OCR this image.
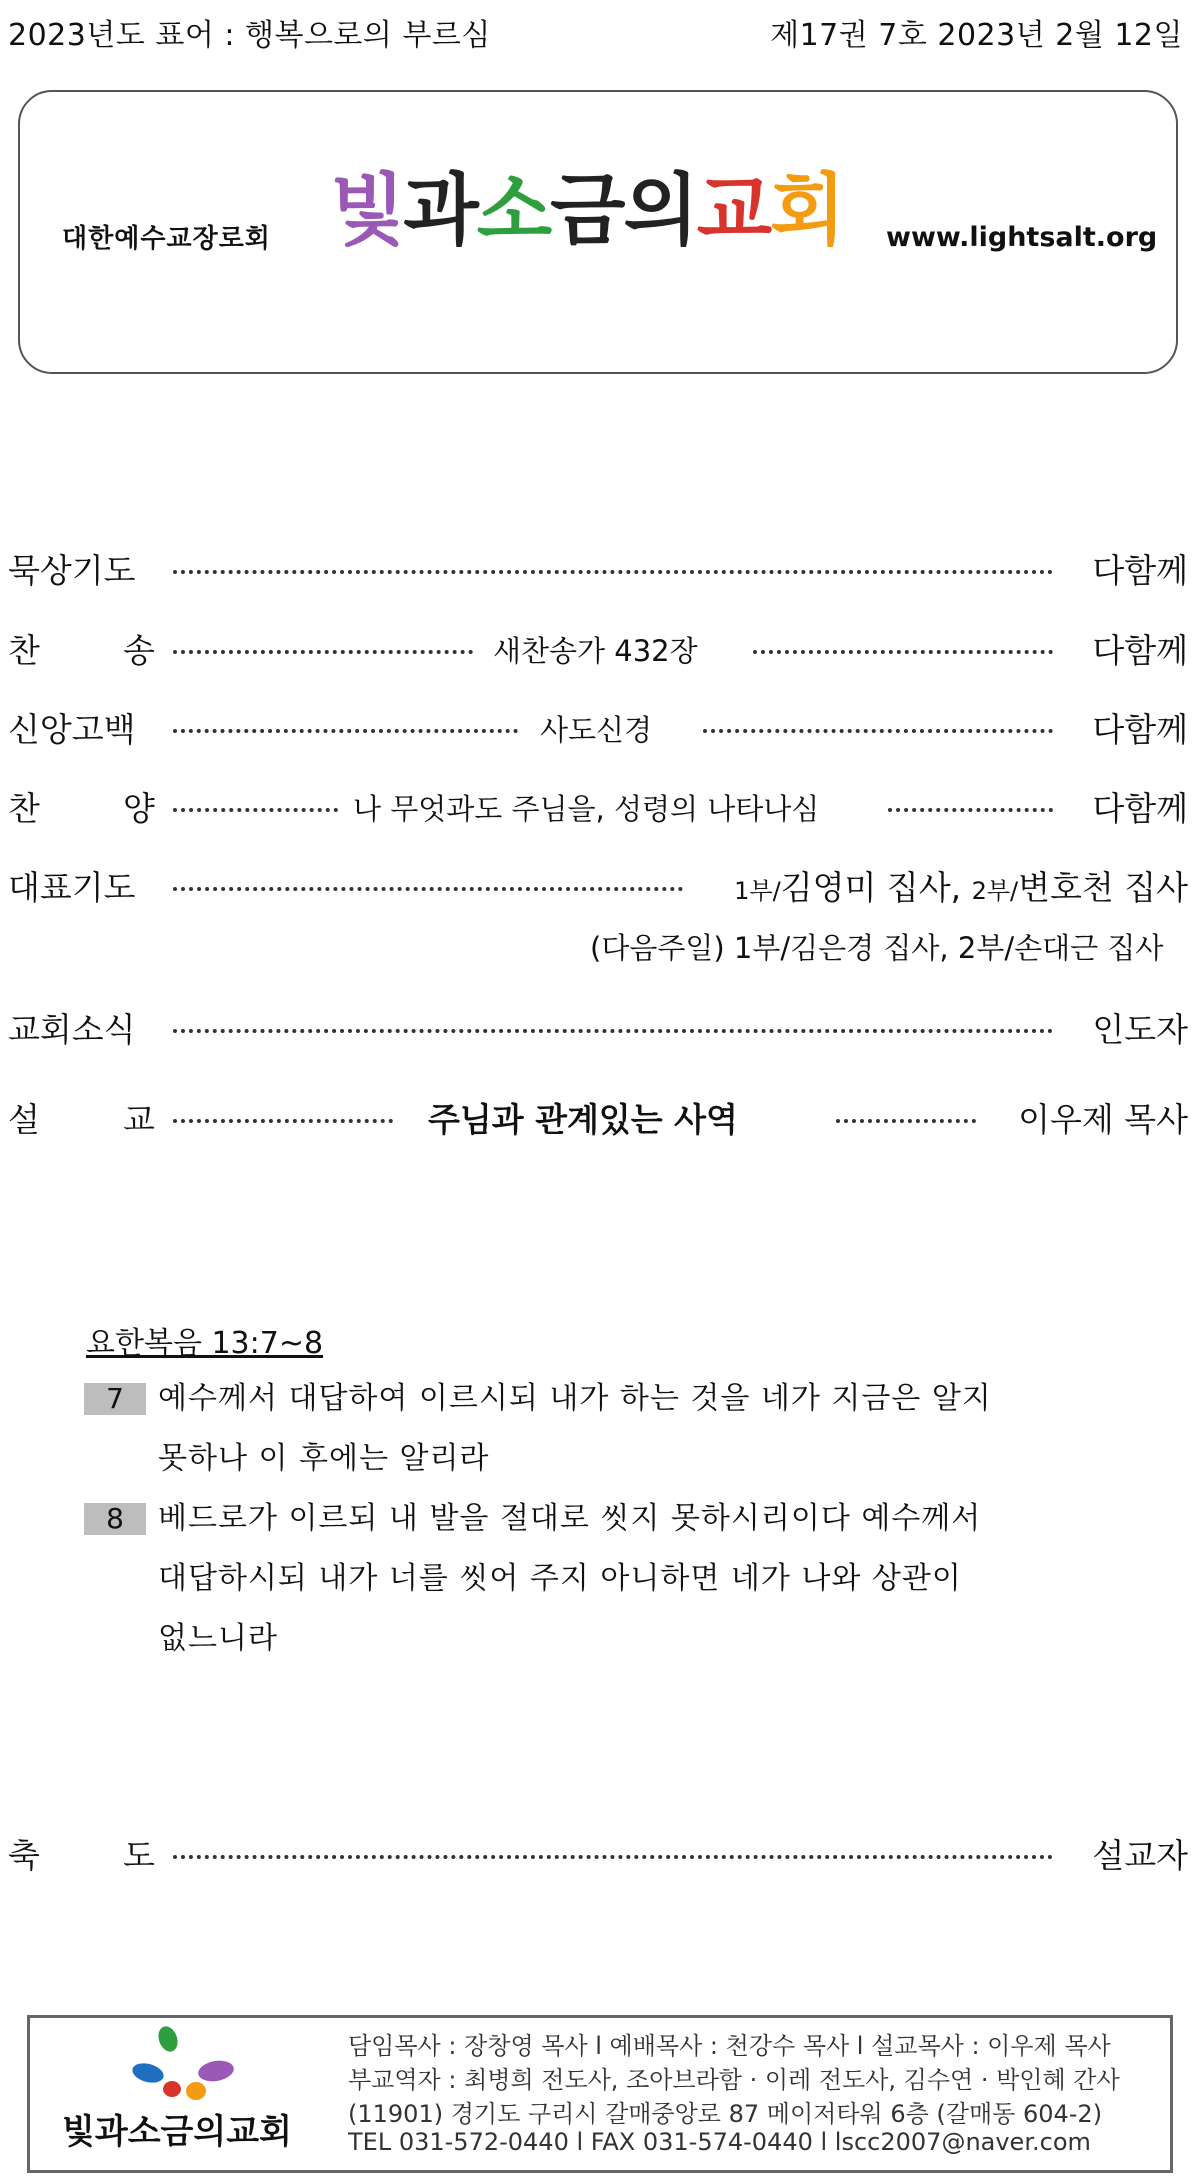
2023년도 표어 : 행복으로의 부르심	제17권 7호 2023년 2월 12일
대한예수교장로회 빛과소금의교회 www.lightsalt.org
묵상기도	다함께
찬	송	새찬송가 432장	다함께
신앙고백	사도신경	다함께
찬	양	나 무엇과도 주님을, 성령의 나타나심	다함께
대표기도	1부/김영미 집사, 2부/변호천 집사
(다음주일) 1부/김은경 집사, 2부/손대근 집사
교회소식	인도자
설	교	주님과 관계있는 사역	이우제 목사
요한복음 13:7~8
7	예수께서 대답하여 이르시되 내가 하는 것을 네가 지금은 알지
못하나 이 후에는 알리라
8	베드로가 이르되 내 발을 절대로 씻지 못하시리이다 예수께서
대답하시되 내가 너를 씻어 주지 아니하면 네가 나와 상관이
없느니라
축	도	설교자
빛과소금의교회
담임목사 : 장창영 목사 l 예배목사 : 천강수 목사 l 설교목사 : 이우제 목사
부교역자 : 최병희 전도사, 조아브라함 · 이레 전도사, 김수연 · 박인혜 간사
(11901) 경기도 구리시 갈매중앙로 87 메이저타워 6층 (갈매동 604-2)
TEL 031-572-0440 l FAX 031-574-0440 l lscc2007@naver.com
